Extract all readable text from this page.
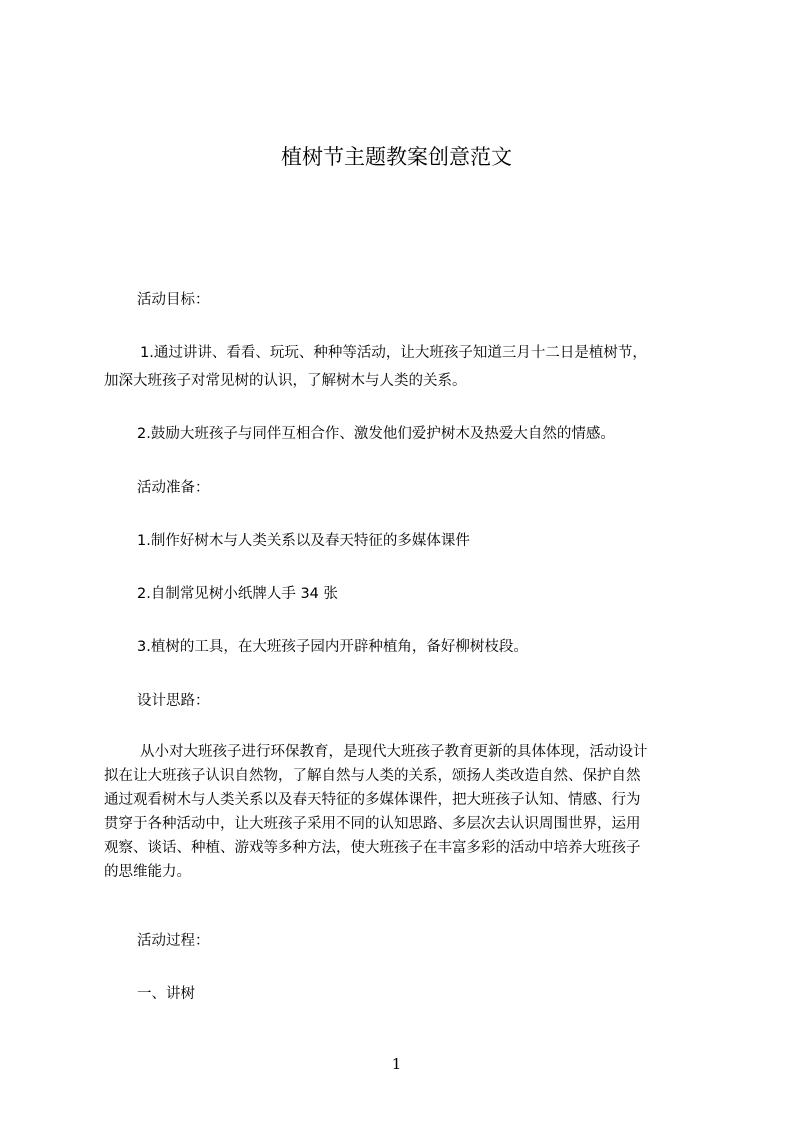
植树节主题教案创意范文

活动目标：

1.通过讲讲、看看、玩玩、种种等活动，让大班孩子知道三月十二日是植树节，

加深大班孩子对常见树的认识，了解树木与人类的关系。

2.鼓励大班孩子与同伴互相合作、激发他们爱护树木及热爱大自然的情感。

活动准备：

1.制作好树木与人类关系以及春天特征的多媒体课件

2.自制常见树小纸牌人手 34 张

3.植树的工具，在大班孩子园内开辟种植角，备好柳树枝段。

设计思路：

从小对大班孩子进行环保教育，是现代大班孩子教育更新的具体体现，活动设计
拟在让大班孩子认识自然物，了解自然与人类的关系，颂扬人类改造自然、保护自然
通过观看树木与人类关系以及春天特征的多媒体课件，把大班孩子认知、情感、行为
贯穿于各种活动中，让大班孩子采用不同的认知思路、多层次去认识周围世界，运用
观察、谈话、种植、游戏等多种方法，使大班孩子在丰富多彩的活动中培养大班孩子
的思维能力。

活动过程：

一、讲树

1
